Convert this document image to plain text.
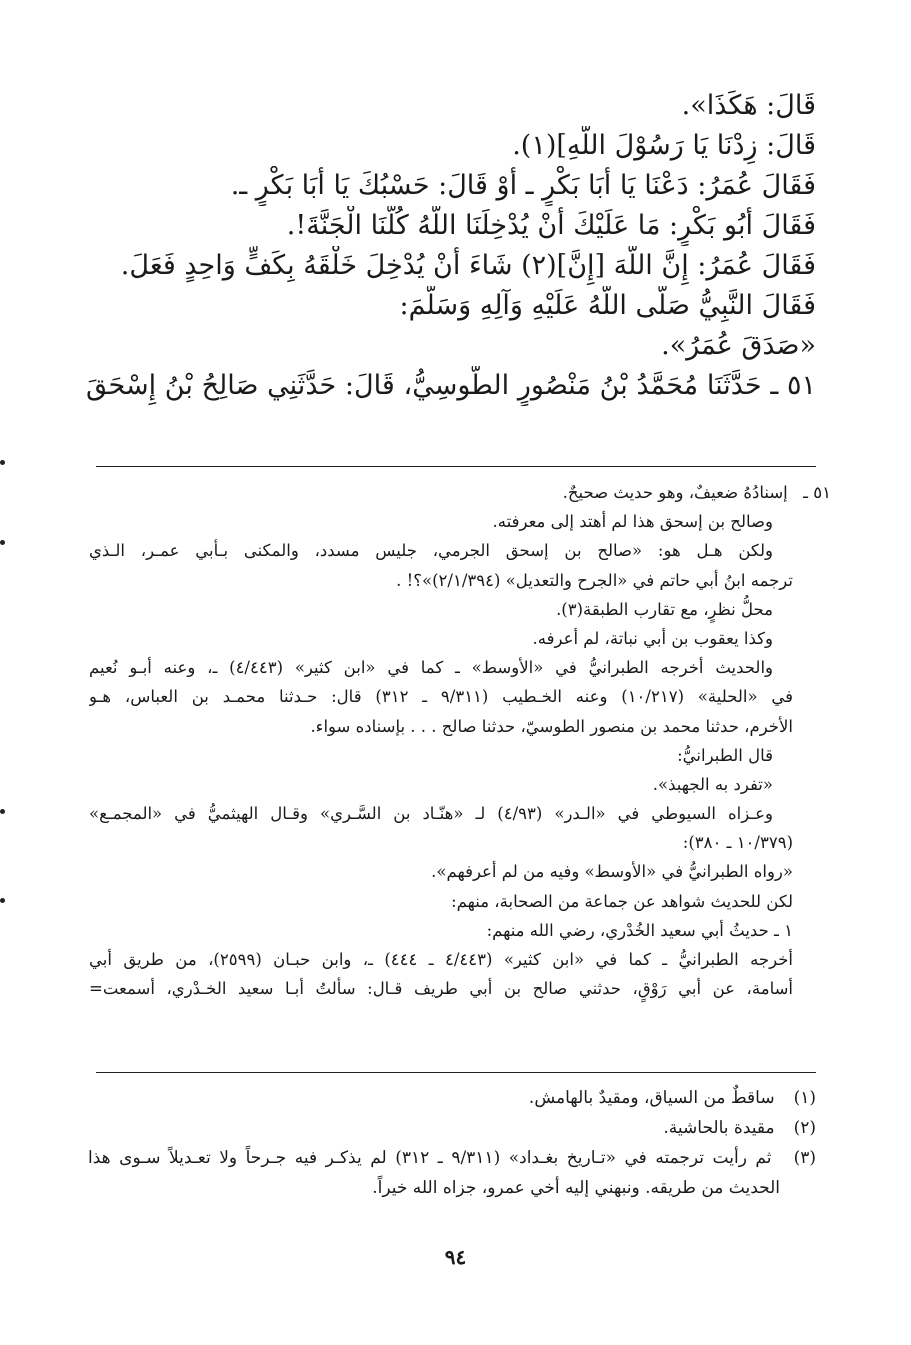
قَالَ: هَكَذَا».
قَالَ: زِدْنَا يَا رَسُوْلَ اللّهِ](١).
فَقَالَ عُمَرُ: دَعْنَا يَا أَبَا بَكْرٍ ـ أَوْ قَالَ: حَسْبُكَ يَا أَبَا بَكْرٍ ـ.
فَقَالَ أَبُو بَكْرٍ: مَا عَلَيْكَ أَنْ يُدْخِلَنَا اللّهُ كُلَّنَا الْجَنَّةَ!.
فَقَالَ عُمَرُ: إِنَّ اللّهَ [إِنَّ](٢) شَاءَ أَنْ يُدْخِلَ خَلْقَهُ بِكَفٍّ وَاحِدٍ فَعَلَ.
فَقَالَ النَّبِيُّ صَلَّى اللّهُ عَلَيْهِ وَآلِهِ وَسَلَّمَ:
«صَدَقَ عُمَرُ».
٥١ ـ حَدَّثَنَا مُحَمَّدُ بْنُ مَنْصُورٍ الطُّوسِيُّ، قَالَ: حَدَّثَنِي صَالِحُ بْنُ إِسْحَقَ
٥١ ـ إسنادُهُ ضعيفٌ، وهو حديث صحيحٌ.
وصالح بن إسحق هذا لم أهتد إلى معرفته.
ولكن هـل هو: «صالح بن إسحق الجرمي، جليس مسدد، والمكنى بـأبي عمـر، الـذي
ترجمه ابنُ أبي حاتم في «الجرح والتعديل» (٢/١/٣٩٤)»؟! .
محلُّ نظرٍ، مع تقارب الطبقة(٣).
وكذا يعقوب بن أبي نباتة، لم أعرفه.
والحديث أخرجه الطبرانيُّ في «الأوسط» ـ كما في «ابن كثير» (٤/٤٤٣) ـ، وعنه أبـو نُعيم
في «الحلية» (١٠/٢١٧) وعنه الخـطيب (٩/٣١١ ـ ٣١٢) قال: حـدثنا محمـد بن العباس، هـو
الأخرم، حدثنا محمد بن منصور الطوسيّ، حدثنا صالح . . . بإسناده سواء.
قال الطبرانيُّ:
«تفرد به الجهبذ».
وعـزاه السيوطي في «الـدر» (٤/٩٣) لـ «هنّـاد بن السَّـري» وقـال الهيثميُّ في «المجمـع»
(١٠/٣٧٩ ـ ٣٨٠):
«رواه الطبرانيُّ في «الأوسط» وفيه من لم أعرفهم».
لكن للحديث شواهد عن جماعة من الصحابة، منهم:
١ ـ حديثُ أبي سعيد الخُدْري، رضي الله منهم:
أخرجه الطبرانيُّ ـ كما في «ابن كثير» (٤/٤٤٣ ـ ٤٤٤) ـ، وابن حبـان (٢٥٩٩)، من طريق أبي
أسامة، عن أبي رَوْقٍ، حدثني صالح بن أبي طريف قـال: سألتُ أبـا سعيد الخـدْري، أسمعت=
(١) ساقطٌ من السياق، ومقيدٌ بالهامش.
(٢) مقيدة بالحاشية.
(٣) ثم رأيت ترجمته في «تـاريخ بغـداد» (٩/٣١١ ـ ٣١٢) لم يذكـر فيه جـرحاً ولا تعـديلاً سـوى هذا
الحديث من طريقه. ونبهني إليه أخي عمرو، جزاه الله خيراً.
٩٤
